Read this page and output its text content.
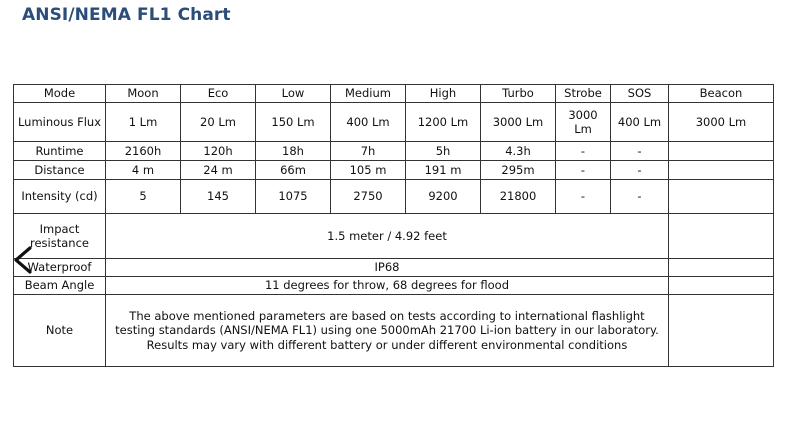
ANSI/NEMA FL1 Chart
Mode	Moon	Eco	Low	Medium	High	Turbo	Strobe	SOS	Beacon
Luminous Flux	1 Lm	20 Lm	150 Lm	400 Lm	1200 Lm	3000 Lm	3000 Lm	400 Lm	3000 Lm
Runtime	2160h	120h	18h	7h	5h	4.3h	-	-	
Distance	4 m	24 m	66m	105 m	191 m	295m	-	-	
Intensity (cd)	5	145	1075	2750	9200	21800	-	-	
Impact resistance	1.5 meter / 4.92 feet								
Waterproof	IP68								
Beam Angle	11 degrees for throw, 68 degrees for flood								
Note	The above mentioned parameters are based on tests according to international flashlight testing standards (ANSI/NEMA FL1) using one 5000mAh 21700 Li-ion battery in our laboratory. Results may vary with different battery or under different environmental conditions								
